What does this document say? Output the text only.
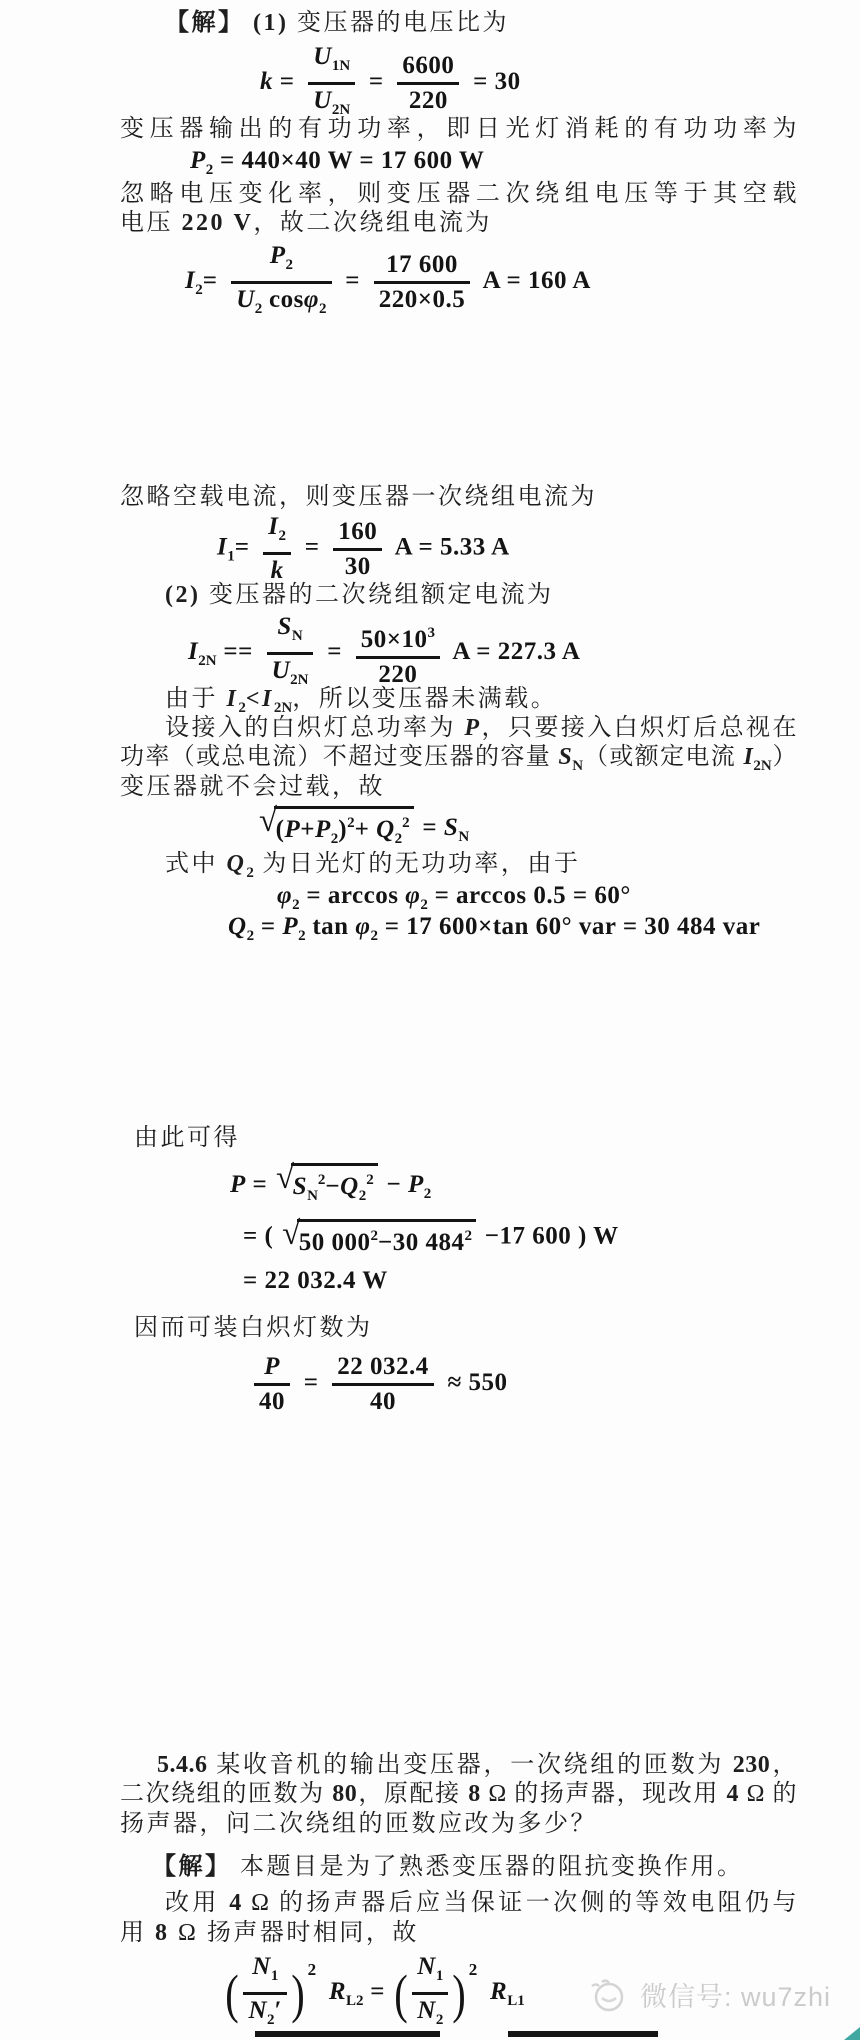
【解】 (1) 变压器的电压比为
$k = \frac{U_{1N}}{U_{2N}} = \frac{6600}{220} = 30$
变压器输出的有功功率，即日光灯消耗的有功功率为
$P_2 = 440\times 40$ W = 17 600 W
忽略电压变化率，则变压器二次绕组电压等于其空载
电压 220 V，故二次绕组电流为
$I_2= \frac{P_2}{U_2 \cos\varphi_2} = \frac{17 600}{220\times 0.5}$ A = 160 A
忽略空载电流，则变压器一次绕组电流为
$I_1= \frac{I_2}{k} = \frac{160}{30}$ A = 5.33 A
(2) 变压器的二次绕组额定电流为
$I_{2N} == \frac{S_N}{U_{2N}} = \frac{50\times 10^3}{220}$ A = 227.3 A
由于 $I_2<I_{2N}$，所以变压器未满载。
设接入的白炽灯总功率为 P，只要接入白炽灯后总视在
功率（或总电流）不超过变压器的容量 $S_N$（或额定电流 $I_{2N}$）
变压器就不会过载，故
$√(P+P_2)^2+ Q_2^2 = S_N$
式中 $Q_2$ 为日光灯的无功功率，由于
$\varphi_2 = \arccos \varphi_2 = \arccos 0.5 = 60^\circ$
$Q_2 = P_2$ $\tan \varphi_2 = 17$ 600×tan 60° var = 30 484 var
由此可得
$P = √S_N^2-Q_2^2 - P_2$
= ( √50 $000^2-30$ $484^2 -17$ 600 ) W
= 22 032.4 W
因而可装白炽灯数为
$\frac{P}{40} = \frac{22 032.4}{40} \approx 550$
5.4.6 某收音机的输出变压器，一次绕组的匝数为 230，
二次绕组的匝数为 80，原配接 8 Ω 的扬声器，现改用 4 Ω 的
扬声器，问二次绕组的匝数应改为多少？
【解】 本题目是为了熟悉变压器的阻抗变换作用。
改用 4 Ω 的扬声器后应当保证一次侧的等效电阻仍与
用 8 Ω 扬声器时相同，故
( $\frac{N_1}{N_2'}$ ) $^2$ $R_{L2}$ = ( $\frac{N_1}{N_2}$ ) $^2$ $R_{L1}$	微信号: wu7zhi
